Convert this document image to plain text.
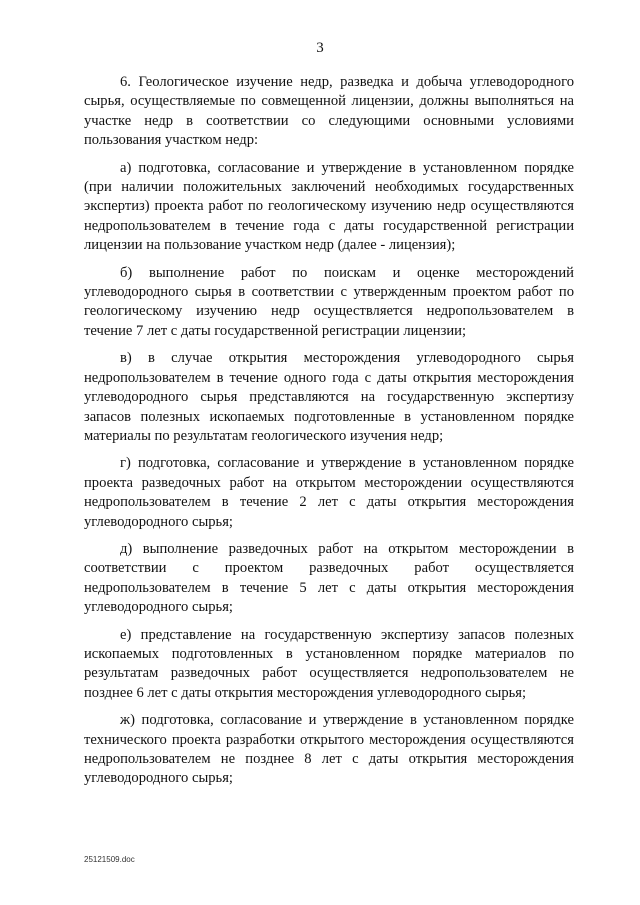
3

6. Геологическое изучение недр, разведка и добыча углеводородного сырья, осуществляемые по совмещенной лицензии, должны выполняться на участке недр в соответствии со следующими основными условиями пользования участком недр:

а) подготовка, согласование и утверждение в установленном порядке (при наличии положительных заключений необходимых государственных экспертиз) проекта работ по геологическому изучению недр осуществляются недропользователем в течение года с даты государственной регистрации лицензии на пользование участком недр (далее - лицензия);

б) выполнение работ по поискам и оценке месторождений углеводородного сырья в соответствии с утвержденным проектом работ по геологическому изучению недр осуществляется недропользователем в течение 7 лет с даты государственной регистрации лицензии;

в) в случае открытия месторождения углеводородного сырья недропользователем в течение одного года с даты открытия месторождения углеводородного сырья представляются на государственную экспертизу запасов полезных ископаемых подготовленные в установленном порядке материалы по результатам геологического изучения недр;

г) подготовка, согласование и утверждение в установленном порядке проекта разведочных работ на открытом месторождении осуществляются недропользователем в течение 2 лет с даты открытия месторождения углеводородного сырья;

д) выполнение разведочных работ на открытом месторождении в соответствии с проектом разведочных работ осуществляется недропользователем в течение 5 лет с даты открытия месторождения углеводородного сырья;

е) представление на государственную экспертизу запасов полезных ископаемых подготовленных в установленном порядке материалов по результатам разведочных работ осуществляется недропользователем не позднее 6 лет с даты открытия месторождения углеводородного сырья;

ж) подготовка, согласование и утверждение в установленном порядке технического проекта разработки открытого месторождения осуществляются недропользователем не позднее 8 лет с даты открытия месторождения углеводородного сырья;

25121509.doc
